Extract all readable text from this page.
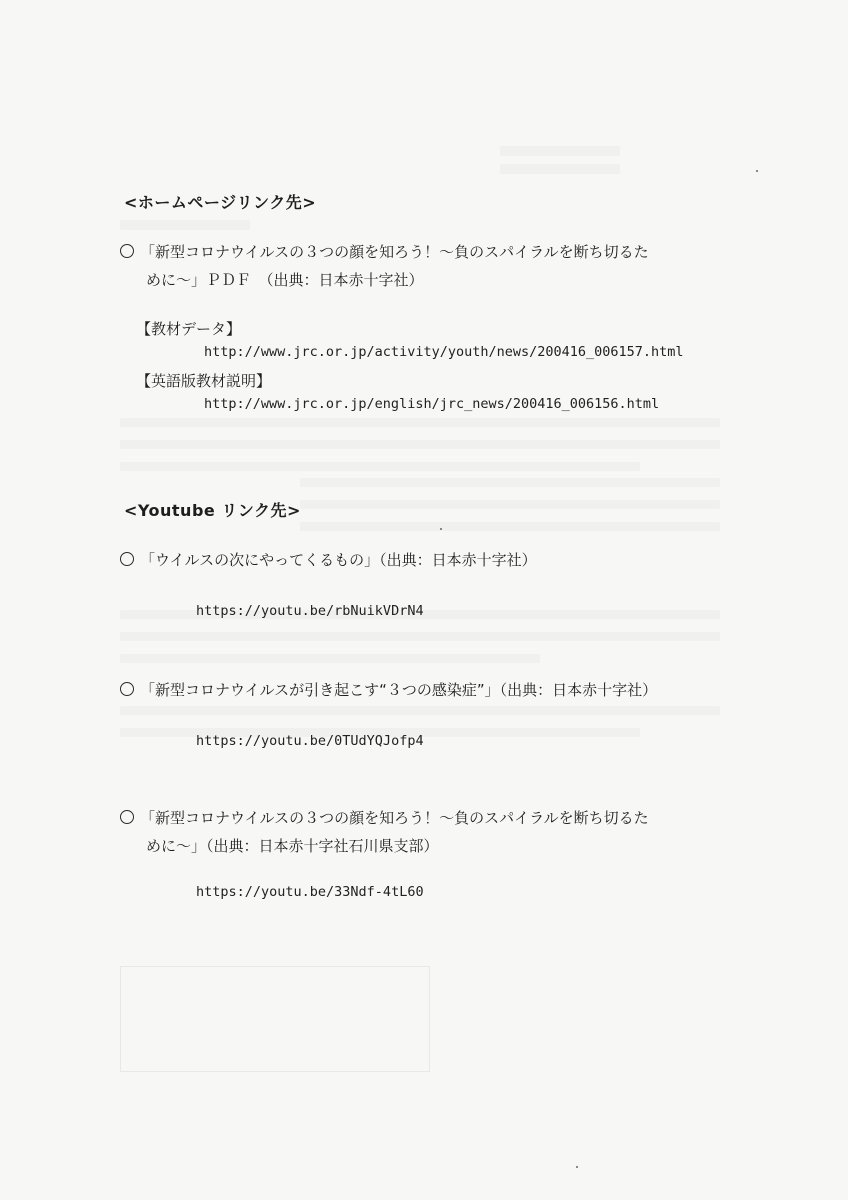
<ホームページリンク先>
「新型コロナウイルスの３つの顔を知ろう！～負のスパイラルを断ち切るた
めに～」ＰＤＦ　（出典：日本赤十字社）
【教材データ】
http://www.jrc.or.jp/activity/youth/news/200416_006157.html
【英語版教材説明】
http://www.jrc.or.jp/english/jrc_news/200416_006156.html
<Youtube リンク先>
「ウイルスの次にやってくるもの」（出典：日本赤十字社）
https://youtu.be/rbNuikVDrN4
「新型コロナウイルスが引き起こす“３つの感染症”」（出典：日本赤十字社）
https://youtu.be/0TUdYQJofp4
「新型コロナウイルスの３つの顔を知ろう！～負のスパイラルを断ち切るた
めに～」（出典：日本赤十字社石川県支部）
https://youtu.be/33Ndf-4tL60
